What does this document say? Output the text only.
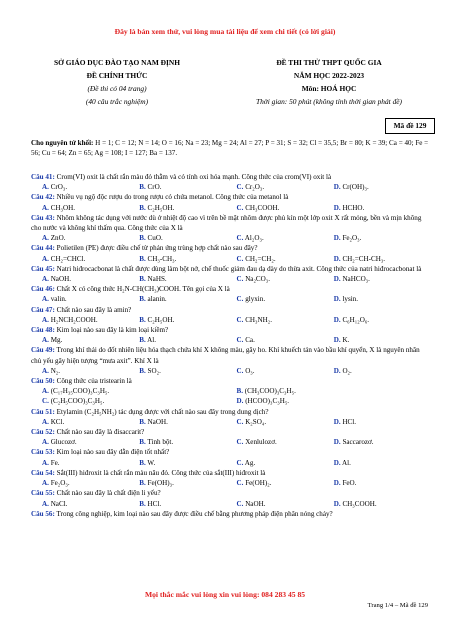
Đây là bản xem thử, vui lòng mua tài liệu để xem chi tiết (có lời giải)
SỞ GIÁO DỤC ĐÀO TẠO NAM ĐỊNH
ĐỀ CHÍNH THỨC
(Đề thi có 04 trang)
(40 câu trắc nghiệm)
ĐỀ THI THỬ THPT QUỐC GIA
NĂM HỌC 2022-2023
Môn: HOÁ HỌC
Thời gian: 50 phút (không tính thời gian phát đề)
Mã đề 129
Cho nguyên tử khối: H = 1; C = 12; N = 14; O = 16; Na = 23; Mg = 24; Al = 27; P = 31; S = 32; Cl = 35,5; Br = 80; K = 39; Ca = 40; Fe = 56; Cu = 64; Zn = 65; Ag = 108; I = 127; Ba = 137.

Câu 41: Crom(VI) oxit là chất rắn màu đỏ thẫm và có tính oxi hóa mạnh. Công thức của crom(VI) oxit là

A. CrO₃.	B. CrO.	C. Cr₂O₃.	D. Cr(OH)₃.

Câu 42: Nhiều vụ ngộ độc rượu do trong rượu có chứa metanol. Công thức của metanol là

A. CH₃OH.	B. C₂H₅OH.	C. CH₃COOH.	D. HCHO.

Câu 43: Nhôm không tác dụng với nước dù ở nhiệt độ cao vì trên bề mặt nhôm được phủ kín một lớp oxit X rất mỏng, bền và mịn không cho nước và không khí thấm qua. Công thức của X là

A. ZnO.	B. CuO.	C. Al₂O₃.	D. Fe₂O₃.

Câu 44: Polietilen (PE) được điều chế từ phản ứng trùng hợp chất nào sau đây?

A. CH₂=CHCl.	B. CH₃-CH₃.	C. CH₂=CH₂.	D. CH₂=CH-CH₃.

Câu 45: Natri hiđrocacbonat là chất được dùng làm bột nở, chế thuốc giảm đau dạ dày do thừa axit. Công thức của natri hiđrocacbonat là

A. NaOH.	B. NaHS.	C. Na₂CO₃.	D. NaHCO₃.

Câu 46: Chất X có công thức H₂N-CH(CH₃)COOH. Tên gọi của X là

A. valin.	B. alanin.	C. glyxin.	D. lysin.

Câu 47: Chất nào sau đây là amin?

A. H₂NCH₂COOH.	B. C₂H₅OH.	C. CH₃NH₂.	D. C₆H₁₂O₆.

Câu 48: Kim loại nào sau đây là kim loại kiềm?

A. Mg.	B. Al.	C. Ca.	D. K.

Câu 49: Trong khí thải do đốt nhiên liệu hóa thạch chứa khí X không màu, gây ho. Khí khuếch tán vào bầu khí quyển, X là nguyên nhân chủ yếu gây hiện tượng “mưa axit”. Khí X là

A. N₂.	B. SO₂.	C. O₃.	D. O₂.

Câu 50: Công thức của tristearin là

A. (C₁₇H₃₅COO)₃C₃H₅.	B. (CH₃COO)₃C₃H₅.
C. (C₂H₅COO)₃C₃H₅.	D. (HCOO)₃C₃H₅.

Câu 51: Etylamin (C₂H₅NH₂) tác dụng được với chất nào sau đây trong dung dịch?

A. KCl.	B. NaOH.	C. K₂SO₄.	D. HCl.

Câu 52: Chất nào sau đây là đisaccarit?

A. Glucozơ.	B. Tinh bột.	C. Xenlulozơ.	D. Saccarozơ.

Câu 53: Kim loại nào sau đây dẫn điện tốt nhất?

A. Fe.	B. W.	C. Ag.	D. Al.

Câu 54: Sắt(III) hiđroxit là chất rắn màu nâu đỏ. Công thức của sắt(III) hiđroxit là

A. Fe₂O₃.	B. Fe(OH)₃.	C. Fe(OH)₂.	D. FeO.

Câu 55: Chất nào sau đây là chất điện li yếu?

A. NaCl.	B. HCl.	C. NaOH.	D. CH₃COOH.

Câu 56: Trong công nghiệp, kim loại nào sau đây được điều chế bằng phương pháp điện phân nóng chảy?

Mọi thắc mắc vui lòng xin vui lòng: 084 283 45 85
Trang 1/4 – Mã đề 129
